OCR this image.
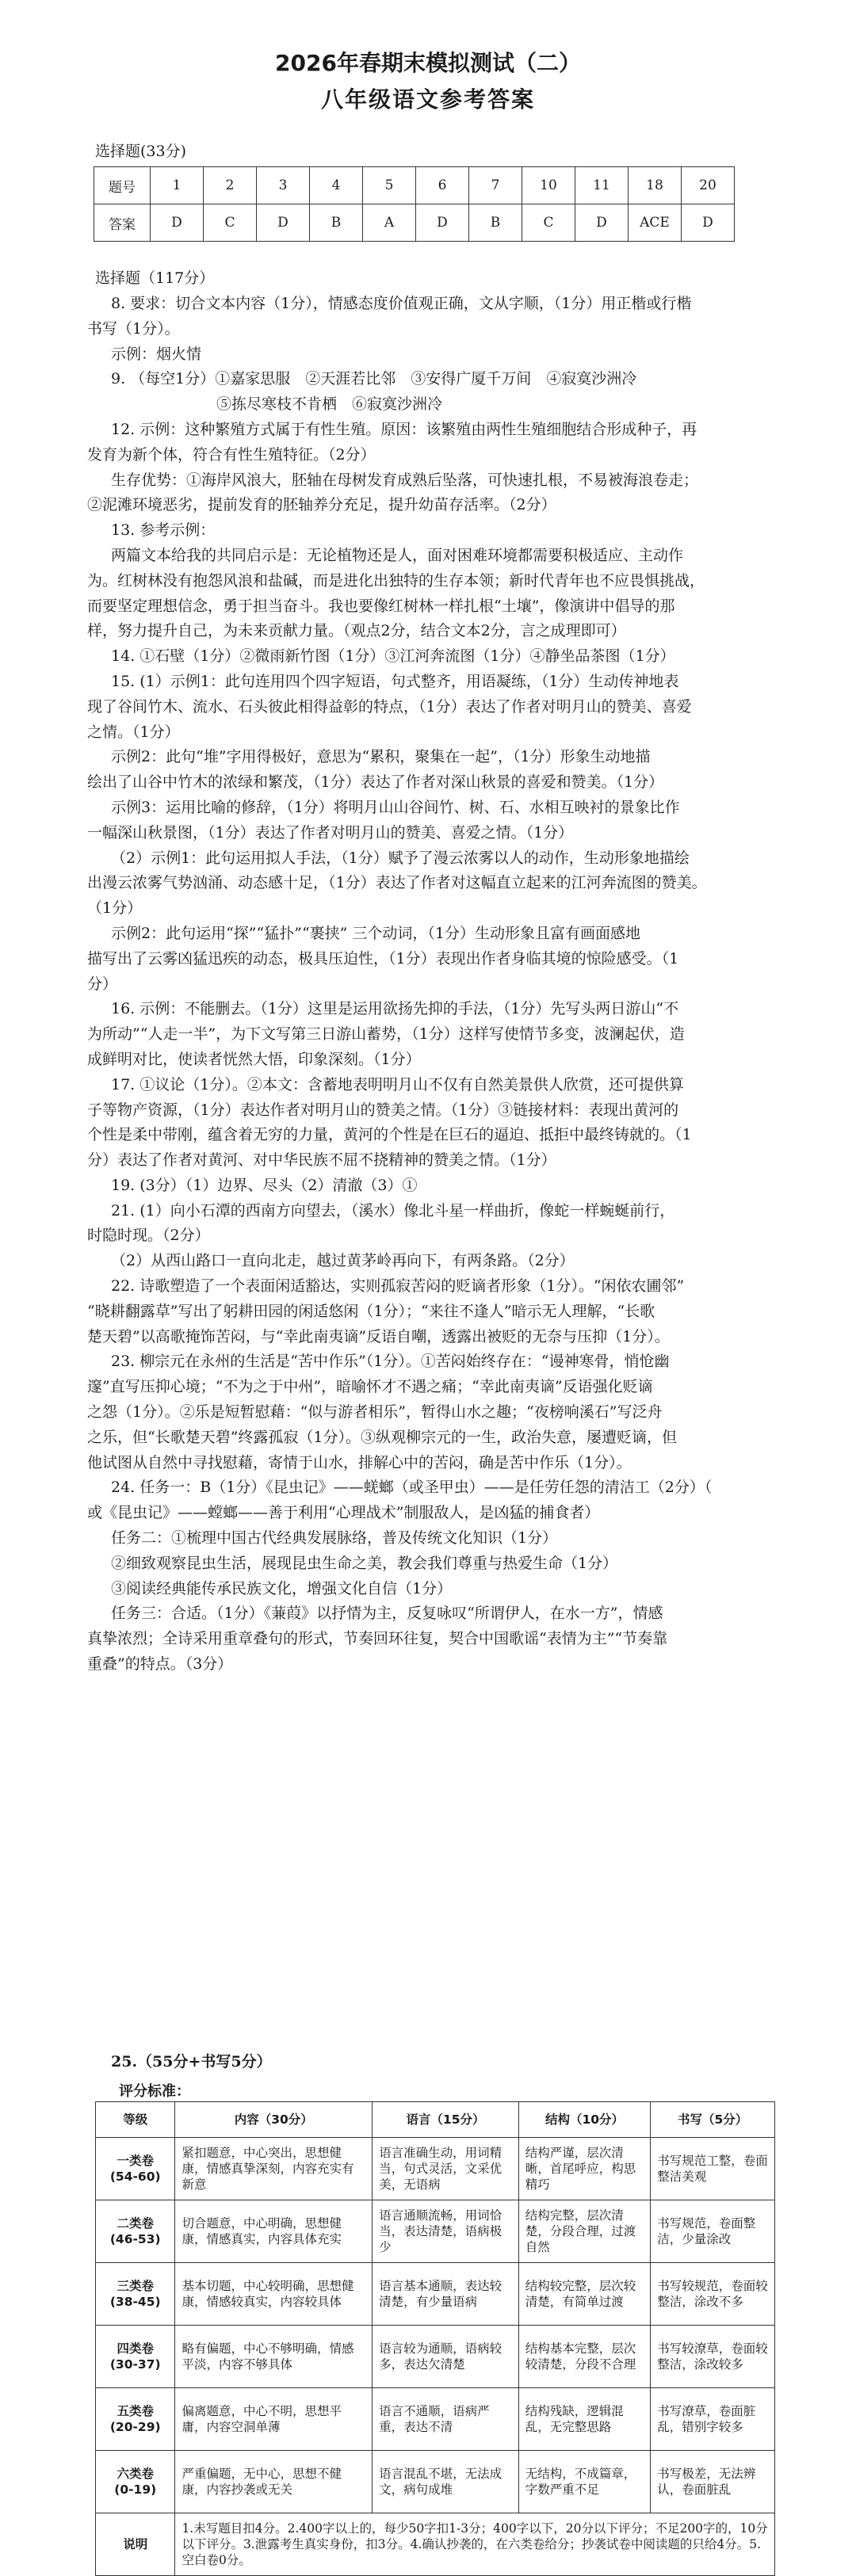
2026年春期末模拟测试（二）
八年级语文参考答案
选择题(33分)
题号	1	2	3	4	5	6	7	10	11	18	20
答案	D	C	D	B	A	D	B	C	D	ACE	D
选择题（117分）

8. 要求：切合文本内容（1分），情感态度价值观正确，文从字顺，（1分）用正楷或行楷

书写（1分）。

示例：烟火情

9. （每空1分）①嘉家思服　②天涯若比邻　③安得广厦千万间　④寂寞沙洲冷

　　　　　　　⑤拣尽寒枝不肯栖　⑥寂寞沙洲冷

12. 示例：这种繁殖方式属于有性生殖。原因：该繁殖由两性生殖细胞结合形成种子，再

发育为新个体，符合有性生殖特征。（2分）

生存优势：①海岸风浪大，胚轴在母树发育成熟后坠落，可快速扎根，不易被海浪卷走；

②泥滩环境恶劣，提前发育的胚轴养分充足，提升幼苗存活率。（2分）

13. 参考示例：

两篇文本给我的共同启示是：无论植物还是人，面对困难环境都需要积极适应、主动作

为。红树林没有抱怨风浪和盐碱，而是进化出独特的生存本领；新时代青年也不应畏惧挑战，

而要坚定理想信念，勇于担当奋斗。我也要像红树林一样扎根“土壤”，像演讲中倡导的那

样，努力提升自己，为未来贡献力量。（观点2分，结合文本2分，言之成理即可）

14. ①石壁（1分）②微雨新竹图（1分）③江河奔流图（1分）④静坐品茶图（1分）

15. (1）示例1：此句连用四个四字短语，句式整齐，用语凝练，（1分）生动传神地表

现了谷间竹木、流水、石头彼此相得益彰的特点，（1分）表达了作者对明月山的赞美、喜爱

之情。（1分）

示例2：此句“堆”字用得极好，意思为“累积，聚集在一起”，（1分）形象生动地描

绘出了山谷中竹木的浓绿和繁茂，（1分）表达了作者对深山秋景的喜爱和赞美。（1分）

示例3：运用比喻的修辞，（1分）将明月山山谷间竹、树、石、水相互映衬的景象比作

一幅深山秋景图，（1分）表达了作者对明月山的赞美、喜爱之情。（1分）

（2）示例1：此句运用拟人手法，（1分）赋予了漫云浓雾以人的动作，生动形象地描绘

出漫云浓雾气势汹涌、动态感十足，（1分）表达了作者对这幅直立起来的江河奔流图的赞美。

（1分）

示例2：此句运用“探”“猛扑”“裹挟” 三个动词，（1分）生动形象且富有画面感地

描写出了云雾凶猛迅疾的动态，极具压迫性，（1分）表现出作者身临其境的惊险感受。（1

分）

16. 示例：不能删去。（1分）这里是运用欲扬先抑的手法，（1分）先写头两日游山“不

为所动”“人走一半”，为下文写第三日游山蓄势，（1分）这样写使情节多变，波澜起伏，造

成鲜明对比，使读者恍然大悟，印象深刻。（1分）

17. ①议论（1分）。②本文：含蓄地表明明月山不仅有自然美景供人欣赏，还可提供算

子等物产资源，（1分）表达作者对明月山的赞美之情。（1分）③链接材料：表现出黄河的

个性是柔中带刚，蕴含着无穷的力量，黄河的个性是在巨石的逼迫、抵拒中最终铸就的。（1

分）表达了作者对黄河、对中华民族不屈不挠精神的赞美之情。（1分）

19. (3分）（1）边界、尽头（2）清澈（3）①

21. (1）向小石潭的西南方向望去，（溪水）像北斗星一样曲折，像蛇一样蜿蜒前行，

时隐时现。（2分）

（2）从西山路口一直向北走，越过黄茅岭再向下，有两条路。（2分）

22. 诗歌塑造了一个表面闲适豁达，实则孤寂苦闷的贬谪者形象（1分）。“闲依农圃邻”

“晓耕翻露草”写出了躬耕田园的闲适悠闲（1分）；“来往不逢人”暗示无人理解，“长歌

楚天碧”以高歌掩饰苦闷，与“幸此南夷谪”反语自嘲，透露出被贬的无奈与压抑（1分）。

23. 柳宗元在永州的生活是“苦中作乐”（1分）。①苦闷始终存在：“谩神寒骨，悄怆幽

邃”直写压抑心境；“不为之于中州”，暗喻怀才不遇之痛；“幸此南夷谪”反语强化贬谪

之怨（1分）。②乐是短暂慰藉：“似与游者相乐”，暂得山水之趣；“夜榜响溪石”写泛舟

之乐，但“长歌楚天碧”终露孤寂（1分）。③纵观柳宗元的一生，政治失意，屡遭贬谪，但

他试图从自然中寻找慰藉，寄情于山水，排解心中的苦闷，确是苦中作乐（1分）。

24. 任务一：B（1分）《昆虫记》——蜣螂（或圣甲虫）——是任劳任怨的清洁工（2分）（

或《昆虫记》——螳螂——善于利用“心理战术”制服敌人，是凶猛的捕食者）

任务二：①梳理中国古代经典发展脉络，普及传统文化知识（1分）

②细致观察昆虫生活，展现昆虫生命之美，教会我们尊重与热爱生命（1分）

③阅读经典能传承民族文化，增强文化自信（1分）

任务三：合适。（1分）《蒹葭》以抒情为主，反复咏叹“所谓伊人，在水一方”，情感

真挚浓烈；全诗采用重章叠句的形式，节奏回环往复，契合中国歌谣“表情为主”“节奏靠

重叠”的特点。（3分）

25.（55分+书写5分）
评分标准：
等级	内容（30分）	语言（15分）	结构（10分）	书写（5分）
一类卷
(54-60)	紧扣题意，中心突出，思想健康，情感真挚深刻，内容充实有新意	语言准确生动，用词精当，句式灵活，文采优美，无语病	结构严谨，层次清晰，首尾呼应，构思精巧	书写规范工整，卷面整洁美观
二类卷
(46-53)	切合题意，中心明确，思想健康，情感真实，内容具体充实	语言通顺流畅，用词恰当，表达清楚，语病极少	结构完整，层次清楚，分段合理，过渡自然	书写规范，卷面整洁，少量涂改
三类卷
(38-45)	基本切题，中心较明确，思想健康，情感较真实，内容较具体	语言基本通顺，表达较清楚，有少量语病	结构较完整，层次较清楚，有简单过渡	书写较规范，卷面较整洁，涂改不多
四类卷
(30-37)	略有偏题，中心不够明确，情感平淡，内容不够具体	语言较为通顺，语病较多，表达欠清楚	结构基本完整，层次较清楚，分段不合理	书写较潦草，卷面较整洁，涂改较多
五类卷
(20-29)	偏离题意，中心不明，思想平庸，内容空洞单薄	语言不通顺，语病严重，表达不清	结构残缺，逻辑混乱，无完整思路	书写潦草，卷面脏乱，错别字较多
六类卷
(0-19)	严重偏题，无中心，思想不健康，内容抄袭或无关	语言混乱不堪，无法成文，病句成堆	无结构，不成篇章，字数严重不足	书写极差，无法辨认，卷面脏乱
说明	1.未写题目扣4分。2.400字以上的，每少50字扣1-3分；400字以下，20分以下评分；不足200字的，10分以下评分。3.泄露考生真实身份，扣3分。4.确认抄袭的，在六类卷给分；抄袭试卷中阅读题的只给4分。5.空白卷0分。			
